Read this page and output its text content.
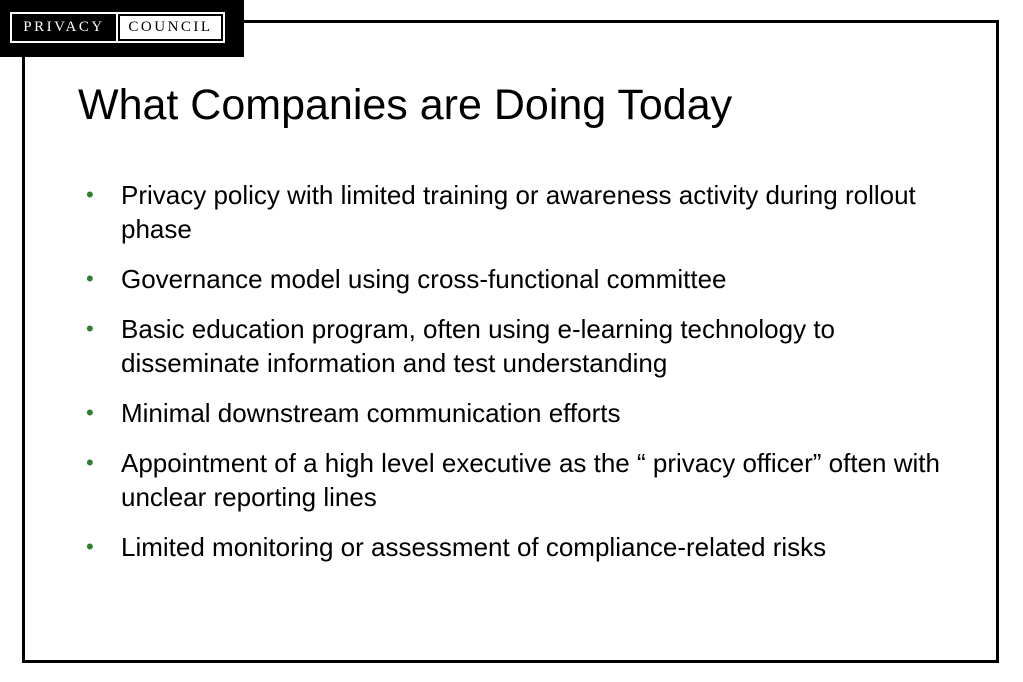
PRIVACY	COUNCIL
What Companies are Doing Today
• Privacy policy with limited training or awareness activity during rollout phase
• Governance model using cross-functional committee
• Basic education program, often using e-learning technology to disseminate information and test understanding
• Minimal downstream communication efforts
• Appointment of a high level executive as the “ privacy officer” often with unclear reporting lines
• Limited monitoring or assessment of compliance-related risks
